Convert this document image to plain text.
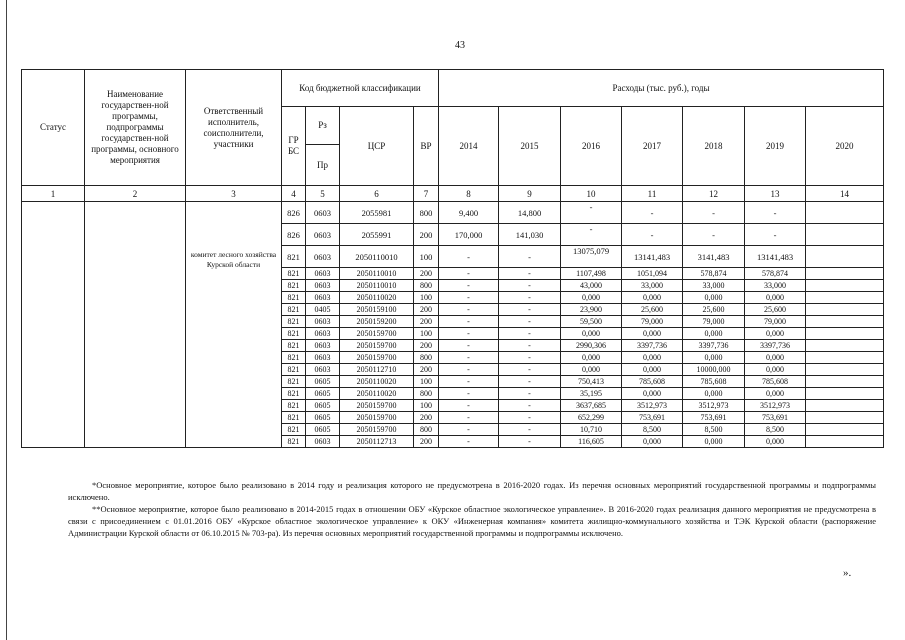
43
Статус	Наименование государствен-ной программы, подпрограммы государствен-ной программы, основного мероприятия	Ответственный исполнитель, соисполнители, участники	Код бюджетной классификации				Расходы (тыс. руб.), годы						
			ГР БС	Рз	ЦСР	ВР	2014	2015	2016	2017	2018	2019	2020
				Пр									
1	2	3	4	5	6	7	8	9	10	11	12	13	14
		комитет лесного хозяйства Курской области	826	0603	2055981	800	9,400	14,800	-	-	-	-	
			826	0603	2055991	200	170,000	141,030	-	-	-	-	
			821	0603	2050110010	100	-	-	13075,079	13141,483	3141,483	13141,483	
			821	0603	2050110010	200	-	-	1107,498	1051,094	578,874	578,874	
			821	0603	2050110010	800	-	-	43,000	33,000	33,000	33,000	
			821	0603	2050110020	100	-	-	0,000	0,000	0,000	0,000	
			821	0405	2050159100	200	-	-	23,900	25,600	25,600	25,600	
			821	0603	2050159200	200	-	-	59,500	79,000	79,000	79,000	
			821	0603	2050159700	100	-	-	0,000	0,000	0,000	0,000	
			821	0603	2050159700	200	-	-	2990,306	3397,736	3397,736	3397,736	
			821	0603	2050159700	800	-	-	0,000	0,000	0,000	0,000	
			821	0603	2050112710	200	-	-	0,000	0,000	10000,000	0,000	
			821	0605	2050110020	100	-	-	750,413	785,608	785,608	785,608	
			821	0605	2050110020	800	-	-	35,195	0,000	0,000	0,000	
			821	0605	2050159700	100	-	-	3637,685	3512,973	3512,973	3512,973	
			821	0605	2050159700	200	-	-	652,299	753,691	753,691	753,691	
			821	0605	2050159700	800	-	-	10,710	8,500	8,500	8,500	
			821	0603	2050112713	200	-	-	116,605	0,000	0,000	0,000	

*Основное мероприятие, которое было реализовано в 2014 году и реализация которого не предусмотрена в 2016-2020 годах. Из перечня основных мероприятий государственной программы и подпрограммы исключено.

**Основное мероприятие, которое было реализовано в 2014-2015 годах в отношении ОБУ «Курское областное экологическое управление». В 2016-2020 годах реализация данного мероприятия не предусмотрена в связи с присоединением с 01.01.2016 ОБУ «Курское областное экологическое управление» к ОКУ «Инженерная компания» комитета жилищно-коммунального хозяйства и ТЭК Курской области (распоряжение Администрации Курской области от 06.10.2015 № 703-ра). Из перечня основных мероприятий государственной программы и подпрограммы исключено.

».
